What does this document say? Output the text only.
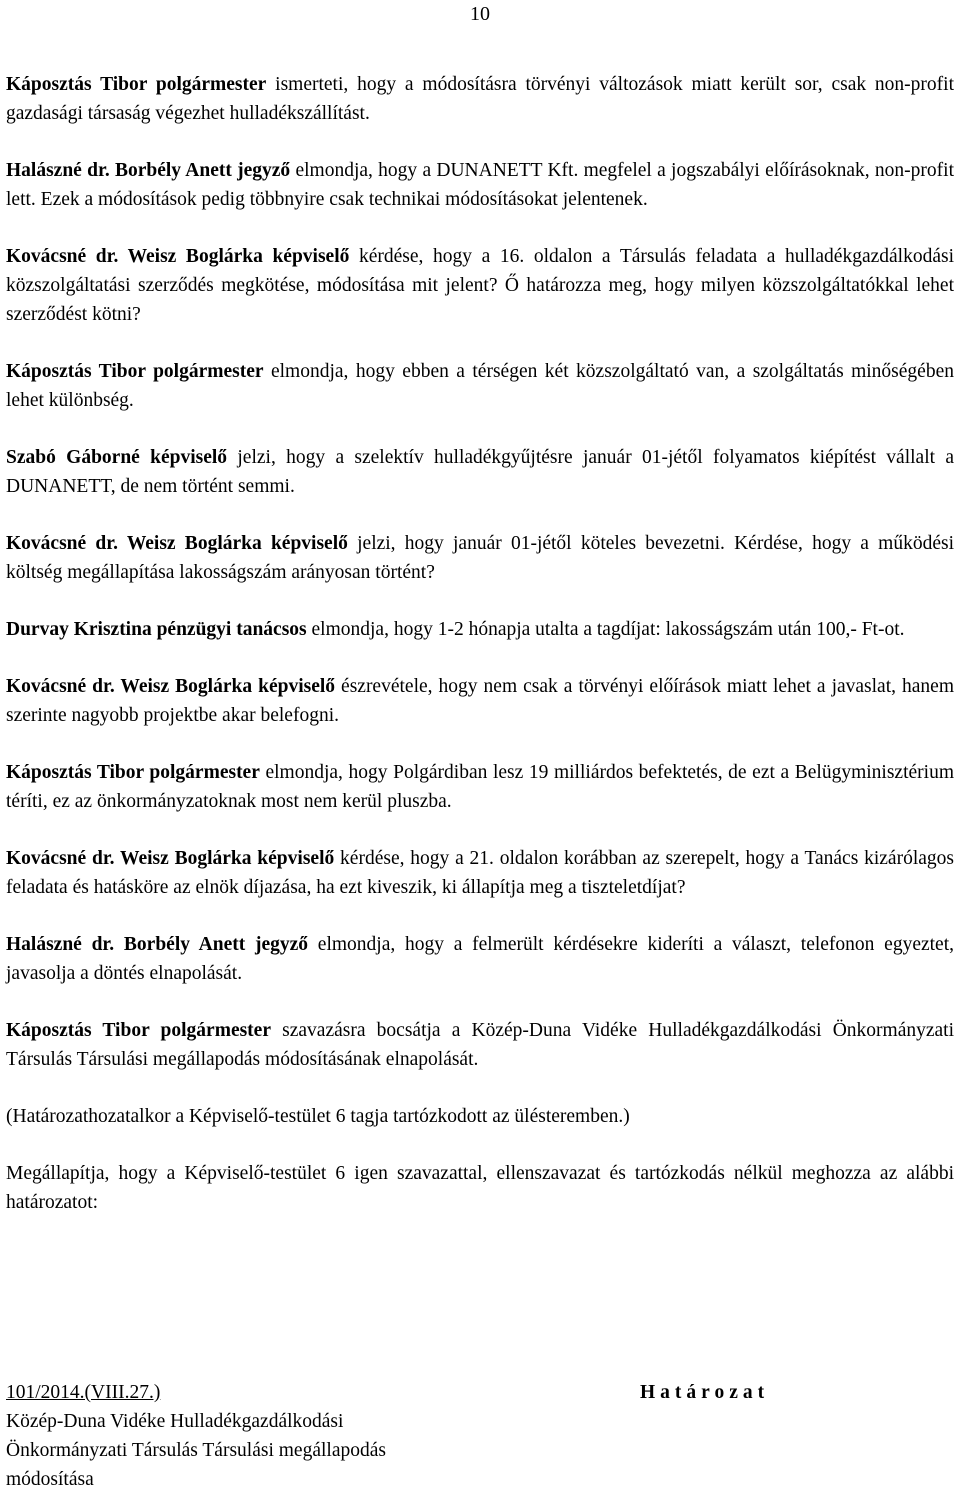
10

Káposztás Tibor polgármester ismerteti, hogy a módosításra törvényi változások miatt került sor, csak non-profit gazdasági társaság végezhet hulladékszállítást.

Halászné dr. Borbély Anett jegyző elmondja, hogy a DUNANETT Kft. megfelel a jogszabályi előírásoknak, non-profit lett. Ezek a módosítások pedig többnyire csak technikai módosításokat jelentenek.

Kovácsné dr. Weisz Boglárka képviselő kérdése, hogy a 16. oldalon a Társulás feladata a hulladékgazdálkodási közszolgáltatási szerződés megkötése, módosítása mit jelent? Ő határozza meg, hogy milyen közszolgáltatókkal lehet szerződést kötni?

Káposztás Tibor polgármester elmondja, hogy ebben a térségen két közszolgáltató van, a szolgáltatás minőségében lehet különbség.

Szabó Gáborné képviselő jelzi, hogy a szelektív hulladékgyűjtésre január 01-jétől folyamatos kiépítést vállalt a DUNANETT, de nem történt semmi.

Kovácsné dr. Weisz Boglárka képviselő jelzi, hogy január 01-jétől köteles bevezetni. Kérdése, hogy a működési költség megállapítása lakosságszám arányosan történt?

Durvay Krisztina pénzügyi tanácsos elmondja, hogy 1-2 hónapja utalta a tagdíjat: lakosságszám után 100,- Ft-ot.

Kovácsné dr. Weisz Boglárka képviselő észrevétele, hogy nem csak a törvényi előírások miatt lehet a javaslat, hanem szerinte nagyobb projektbe akar belefogni.

Káposztás Tibor polgármester elmondja, hogy Polgárdiban lesz 19 milliárdos befektetés, de ezt a Belügyminisztérium téríti, ez az önkormányzatoknak most nem kerül pluszba.

Kovácsné dr. Weisz Boglárka képviselő kérdése, hogy a 21. oldalon korábban az szerepelt, hogy a Tanács kizárólagos feladata és hatásköre az elnök díjazása, ha ezt kiveszik, ki állapítja meg a tiszteletdíjat?

Halászné dr. Borbély Anett jegyző elmondja, hogy a felmerült kérdésekre kideríti a választ, telefonon egyeztet, javasolja a döntés elnapolását.

Káposztás Tibor polgármester szavazásra bocsátja a Közép-Duna Vidéke Hulladékgazdálkodási Önkormányzati Társulás Társulási megállapodás módosításának elnapolását.

(Határozathozatalkor a Képviselő-testület 6 tagja tartózkodott az ülésteremben.)

Megállapítja, hogy a Képviselő-testület 6 igen szavazattal, ellenszavazat és tartózkodás nélkül meghozza az alábbi határozatot:

101/2014.(VIII.27.)
Közép-Duna Vidéke Hulladékgazdálkodási
Önkormányzati Társulás Társulási megállapodás
módosítása
Határozat
